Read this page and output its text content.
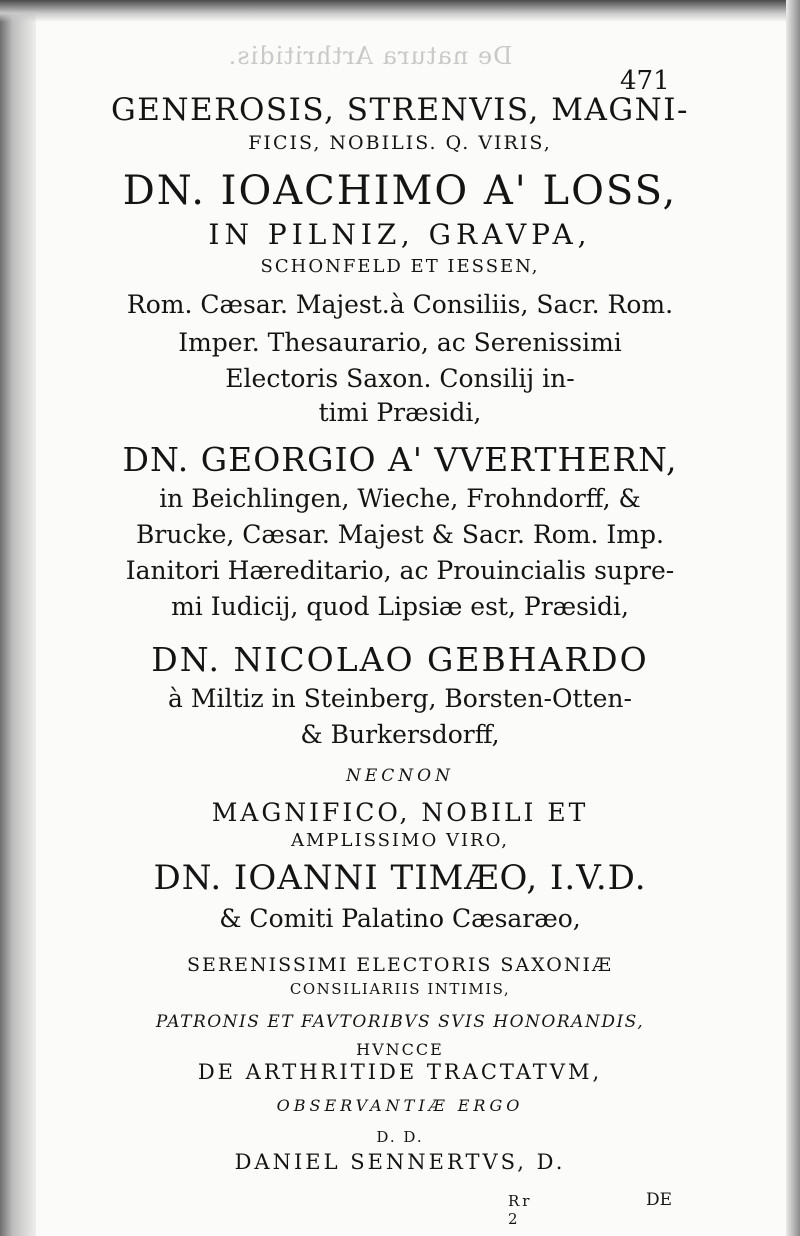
De natura Arthritidis.
471
GENEROSIS, STRENVIS, MAGNI-
FICIS, NOBILIS. Q. VIRIS,
DN. IOACHIMO A' LOSS,
IN PILNIZ, GRAVPA,
SCHONFELD ET IESSEN,
Rom. Cæsar. Majest.à Consiliis, Sacr. Rom.
Imper. Thesaurario, ac Serenissimi
Electoris Saxon. Consilij in-
timi Præsidi,
DN. GEORGIO A' VVERTHERN,
in Beichlingen, Wieche, Frohndorff, &
Brucke, Cæsar. Majest & Sacr. Rom. Imp.
Ianitori Hæreditario, ac Prouincialis supre-
mi Iudicij, quod Lipsiæ est, Præsidi,
DN. NICOLAO GEBHARDO
à Miltiz in Steinberg, Borsten-Otten-
& Burkersdorff,
NECNON
MAGNIFICO, NOBILI ET
AMPLISSIMO VIRO,
DN. IOANNI TIMÆO, I.V.D.
& Comiti Palatino Cæsaræo,
SERENISSIMI ELECTORIS SAXONIÆ
CONSILIARIIS INTIMIS,
PATRONIS ET FAVTORIBVS SVIS HONORANDIS,
HVNCCE
DE ARTHRITIDE TRACTATVM,
OBSERVANTIÆ ERGO
D. D.
DANIEL SENNERTVS, D.
Rr 2
DE
